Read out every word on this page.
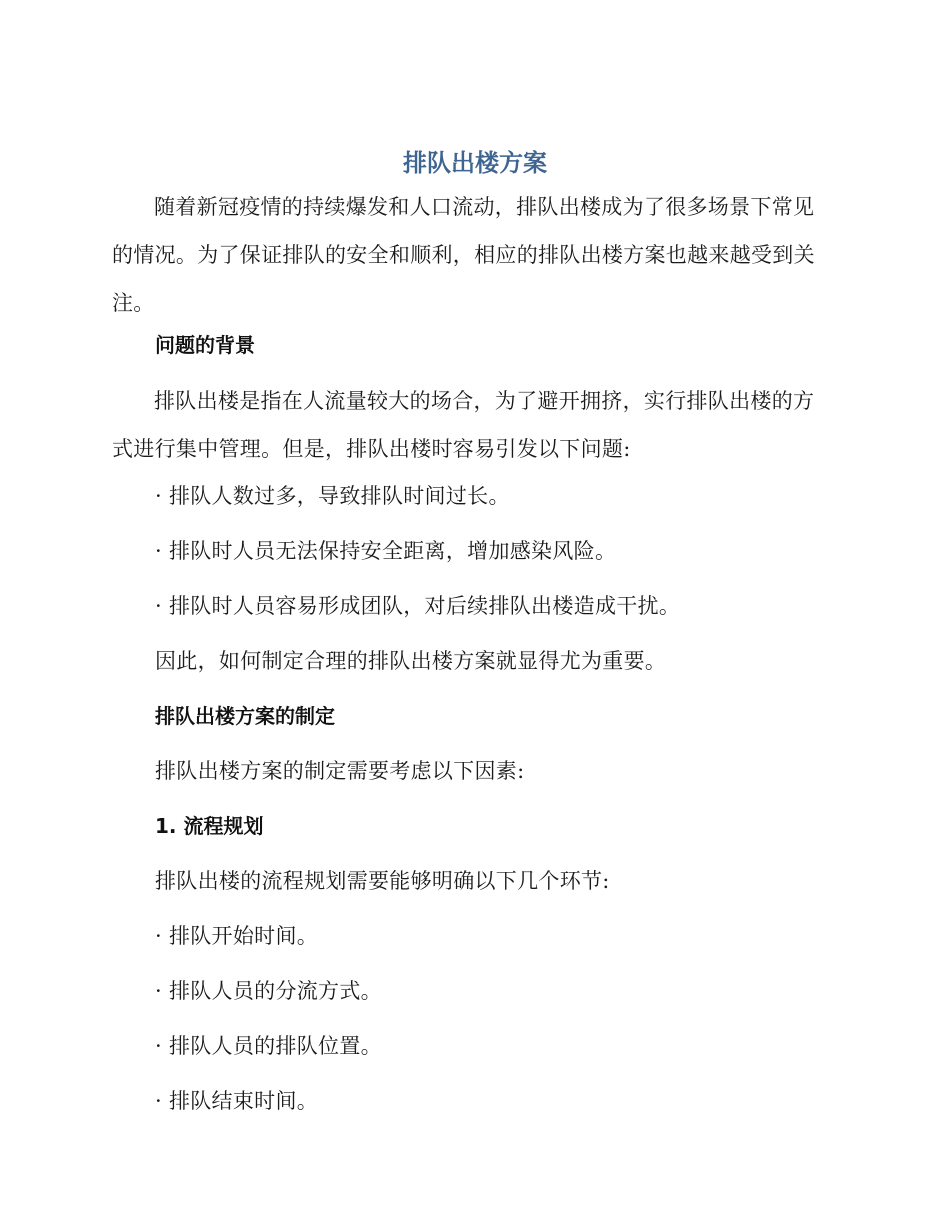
排队出楼方案

随着新冠疫情的持续爆发和人口流动，排队出楼成为了很多场景下常见的情况。为了保证排队的安全和顺利，相应的排队出楼方案也越来越受到关注。

问题的背景

排队出楼是指在人流量较大的场合，为了避开拥挤，实行排队出楼的方式进行集中管理。但是，排队出楼时容易引发以下问题:

· 排队人数过多，导致排队时间过长。

· 排队时人员无法保持安全距离，增加感染风险。

· 排队时人员容易形成团队，对后续排队出楼造成干扰。

因此，如何制定合理的排队出楼方案就显得尤为重要。

排队出楼方案的制定

排队出楼方案的制定需要考虑以下因素:

1. 流程规划

排队出楼的流程规划需要能够明确以下几个环节:

· 排队开始时间。

· 排队人员的分流方式。

· 排队人员的排队位置。

· 排队结束时间。
